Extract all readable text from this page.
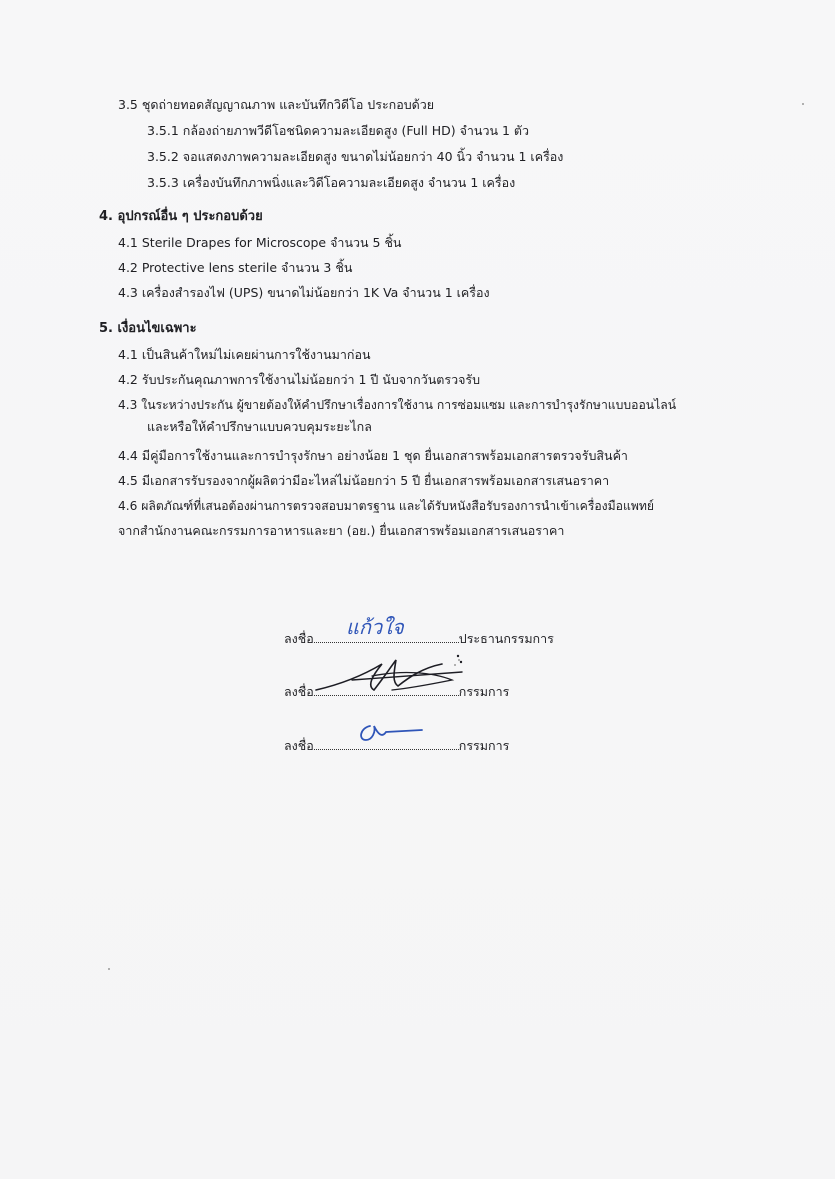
3.5 ชุดถ่ายทอดสัญญาณภาพ และบันทึกวิดีโอ ประกอบด้วย
3.5.1 กล้องถ่ายภาพวีดีโอชนิดความละเอียดสูง (Full HD) จำนวน 1 ตัว
3.5.2 จอแสดงภาพความละเอียดสูง ขนาดไม่น้อยกว่า 40 นิ้ว จำนวน 1 เครื่อง
3.5.3 เครื่องบันทึกภาพนิ่งและวิดีโอความละเอียดสูง จำนวน 1 เครื่อง
4. อุปกรณ์อื่น ๆ ประกอบด้วย
4.1 Sterile Drapes for Microscope จำนวน 5 ชิ้น
4.2 Protective lens sterile จำนวน 3 ชิ้น
4.3 เครื่องสำรองไฟ (UPS) ขนาดไม่น้อยกว่า 1K Va จำนวน 1 เครื่อง
5. เงื่อนไขเฉพาะ
4.1 เป็นสินค้าใหม่ไม่เคยผ่านการใช้งานมาก่อน
4.2 รับประกันคุณภาพการใช้งานไม่น้อยกว่า 1 ปี นับจากวันตรวจรับ
4.3 ในระหว่างประกัน ผู้ขายต้องให้คำปรึกษาเรื่องการใช้งาน การซ่อมแซม และการบำรุงรักษาแบบออนไลน์
และหรือให้คำปรึกษาแบบควบคุมระยะไกล
4.4 มีคู่มือการใช้งานและการบำรุงรักษา อย่างน้อย 1 ชุด ยื่นเอกสารพร้อมเอกสารตรวจรับสินค้า
4.5 มีเอกสารรับรองจากผู้ผลิตว่ามีอะไหล่ไม่น้อยกว่า 5 ปี ยื่นเอกสารพร้อมเอกสารเสนอราคา
4.6 ผลิตภัณฑ์ที่เสนอต้องผ่านการตรวจสอบมาตรฐาน และได้รับหนังสือรับรองการนำเข้าเครื่องมือแพทย์
จากสำนักงานคณะกรรมการอาหารและยา (อย.) ยื่นเอกสารพร้อมเอกสารเสนอราคา
ลงชื่อ	ประธานกรรมการ
แก้วใจ
ลงชื่อ	กรรมการ
ลงชื่อ	กรรมการ
